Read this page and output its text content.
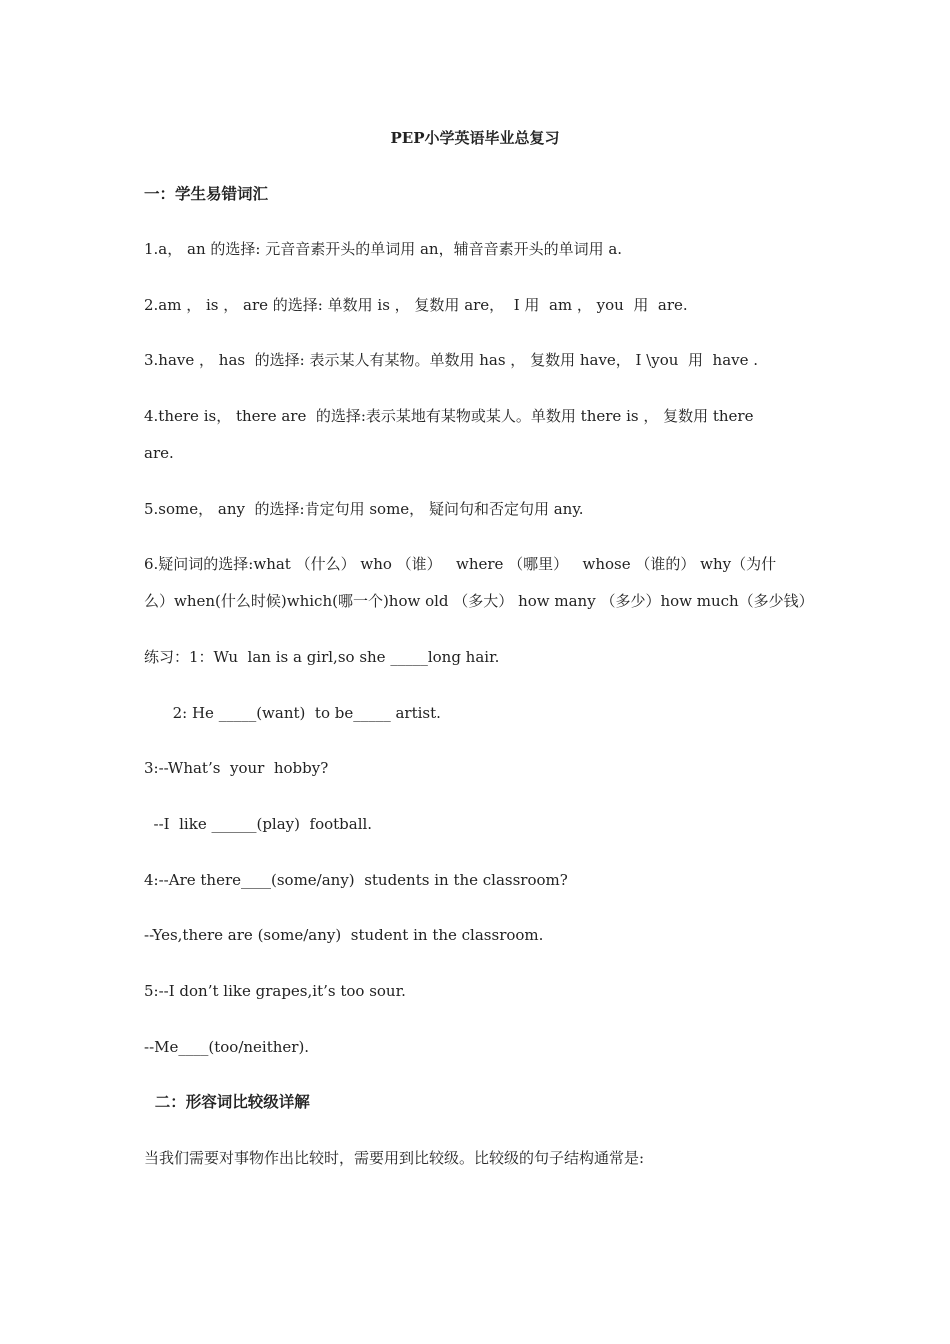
PEP小学英语毕业总复习
一：学生易错词汇
1.a， an 的选择: 元音音素开头的单词用 an，辅音音素开头的单词用 a.
2.am ， is ， are 的选择: 单数用 is ， 复数用 are，  I 用  am ， you  用  are.
3.have ， has  的选择: 表示某人有某物。单数用 has ， 复数用 have， I \you  用  have .
4.there is， there are  的选择:表示某地有某物或某人。单数用 there is ， 复数用 there
are.
5.some， any  的选择:肯定句用 some， 疑问句和否定句用 any.
6.疑问词的选择:what （什么） who （谁）   where （哪里）   whose （谁的） why（为什
么）when(什么时候)which(哪一个)how old （多大） how many （多少）how much（多少钱）
练习：1：Wu  lan is a girl,so she _____long hair.
2: He _____(want)  to be_____ artist.
3:--What’s  your  hobby?
--I  like ______(play)  football.
4:--Are there____(some/any)  students in the classroom?
--Yes,there are (some/any)  student in the classroom.
5:--I don’t like grapes,it’s too sour.
--Me____(too/neither).
二：形容词比较级详解
当我们需要对事物作出比较时，需要用到比较级。比较级的句子结构通常是:
